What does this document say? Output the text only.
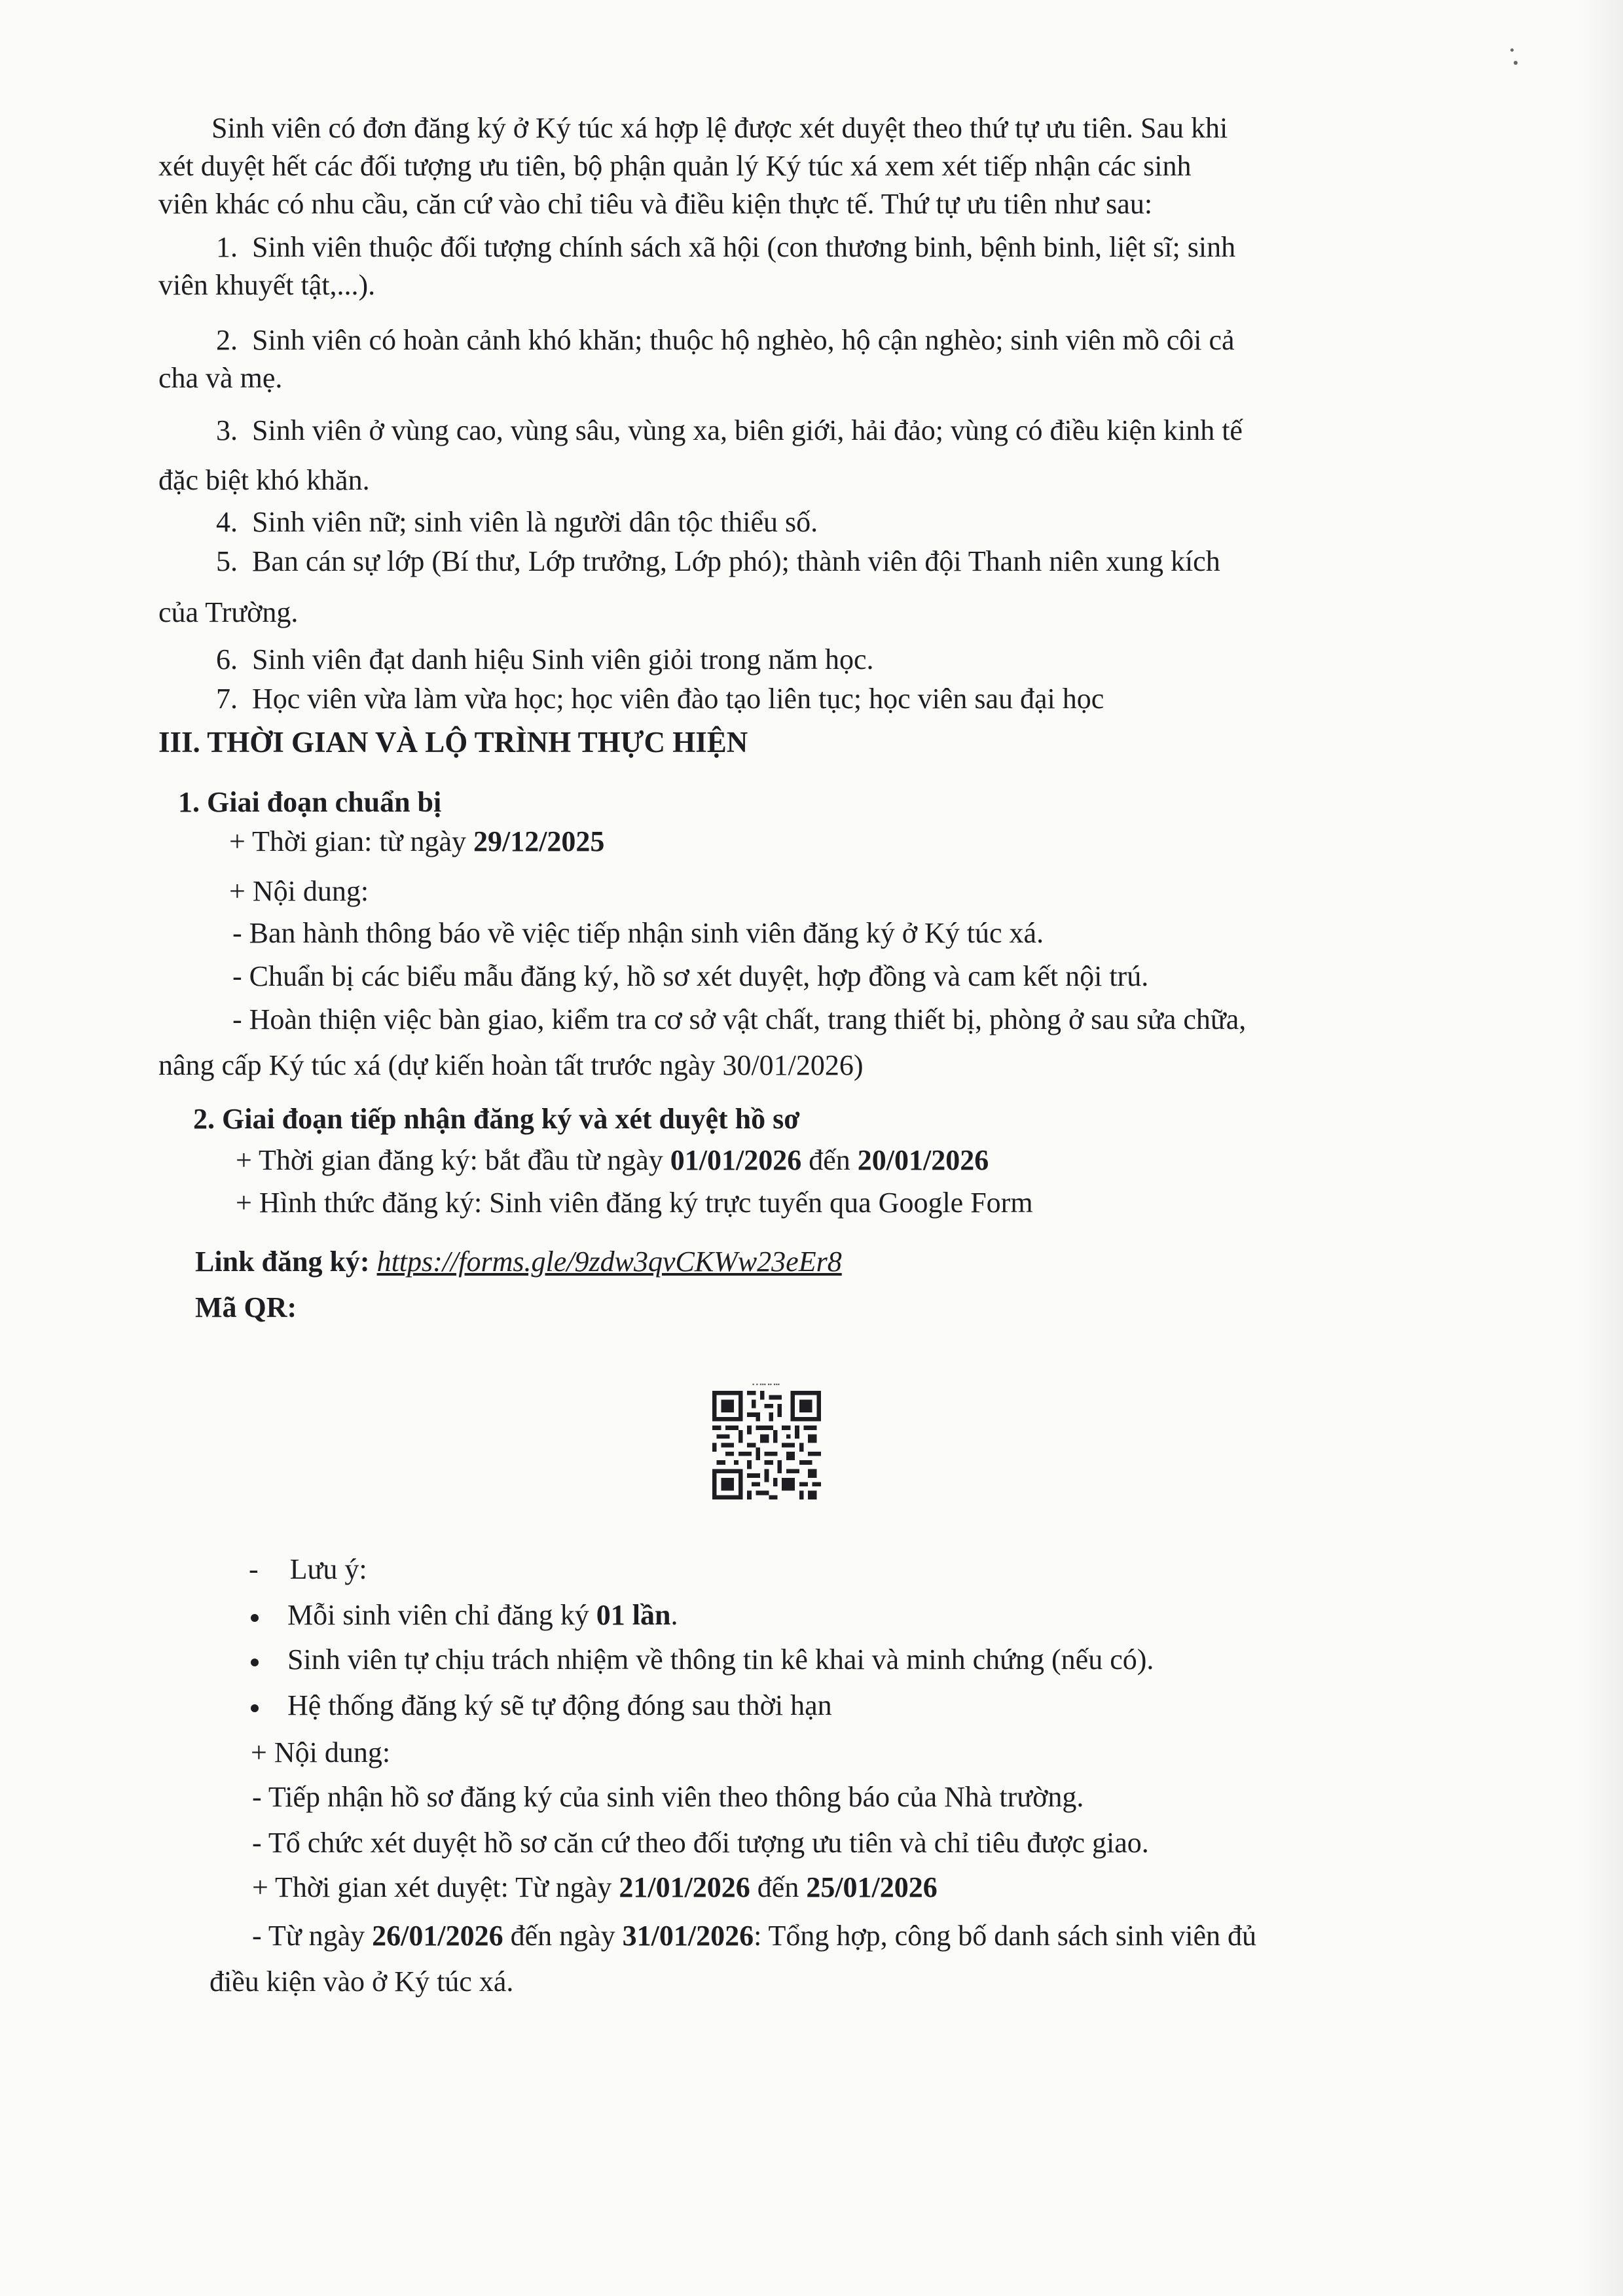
Sinh viên có đơn đăng ký ở Ký túc xá hợp lệ được xét duyệt theo thứ tự ưu tiên. Sau khi
xét duyệt hết các đối tượng ưu tiên, bộ phận quản lý Ký túc xá xem xét tiếp nhận các sinh
viên khác có nhu cầu, căn cứ vào chỉ tiêu và điều kiện thực tế. Thứ tự ưu tiên như sau:
1. Sinh viên thuộc đối tượng chính sách xã hội (con thương binh, bệnh binh, liệt sĩ; sinh
viên khuyết tật,...).
2. Sinh viên có hoàn cảnh khó khăn; thuộc hộ nghèo, hộ cận nghèo; sinh viên mồ côi cả
cha và mẹ.
3. Sinh viên ở vùng cao, vùng sâu, vùng xa, biên giới, hải đảo; vùng có điều kiện kinh tế
đặc biệt khó khăn.
4. Sinh viên nữ; sinh viên là người dân tộc thiểu số.
5. Ban cán sự lớp (Bí thư, Lớp trưởng, Lớp phó); thành viên đội Thanh niên xung kích
của Trường.
6. Sinh viên đạt danh hiệu Sinh viên giỏi trong năm học.
7. Học viên vừa làm vừa học; học viên đào tạo liên tục; học viên sau đại học
III. THỜI GIAN VÀ LỘ TRÌNH THỰC HIỆN
1. Giai đoạn chuẩn bị
+ Thời gian: từ ngày 29/12/2025
+ Nội dung:
- Ban hành thông báo về việc tiếp nhận sinh viên đăng ký ở Ký túc xá.
- Chuẩn bị các biểu mẫu đăng ký, hồ sơ xét duyệt, hợp đồng và cam kết nội trú.
- Hoàn thiện việc bàn giao, kiểm tra cơ sở vật chất, trang thiết bị, phòng ở sau sửa chữa,
nâng cấp Ký túc xá (dự kiến hoàn tất trước ngày 30/01/2026)
2. Giai đoạn tiếp nhận đăng ký và xét duyệt hồ sơ
+ Thời gian đăng ký: bắt đầu từ ngày 01/01/2026 đến 20/01/2026
+ Hình thức đăng ký: Sinh viên đăng ký trực tuyến qua Google Form
Link đăng ký: https://forms.gle/9zdw3qvCKWw23eEr8
Mã QR:
▪ ▪ ▪▪▪ ▪▪ ▪▪▪
- Lưu ý:
Mỗi sinh viên chỉ đăng ký 01 lần.
Sinh viên tự chịu trách nhiệm về thông tin kê khai và minh chứng (nếu có).
Hệ thống đăng ký sẽ tự động đóng sau thời hạn
+ Nội dung:
- Tiếp nhận hồ sơ đăng ký của sinh viên theo thông báo của Nhà trường.
- Tổ chức xét duyệt hồ sơ căn cứ theo đối tượng ưu tiên và chỉ tiêu được giao.
+ Thời gian xét duyệt: Từ ngày 21/01/2026 đến 25/01/2026
- Từ ngày 26/01/2026 đến ngày 31/01/2026: Tổng hợp, công bố danh sách sinh viên đủ
điều kiện vào ở Ký túc xá.
